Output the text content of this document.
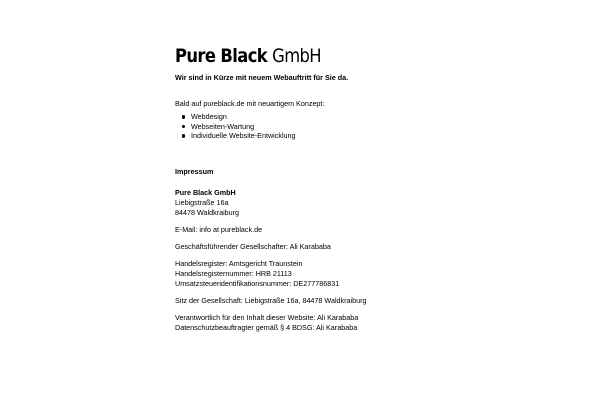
Pure Black GmbH

Wir sind in Kürze mit neuem Webauftritt für Sie da.

Bald auf pureblack.de mit neuartigem Konzept:

Webdesign
Webseiten-Wartung
Individuelle Website-Entwicklung

Impressum

Pure Black GmbH

Liebigstraße 16a

84478 Waldkraiburg

E-Mail: info at pureblack.de

Geschäftsführender Gesellschafter: Ali Karababa

Handelsregister: Amtsgericht Traunstein

Handelsregisternummer: HRB 21113

Umsatzsteueridentifikationsnummer: DE277786831

Sitz der Gesellschaft: Liebigstraße 16a, 84478 Waldkraiburg

Verantwortlich für den Inhalt dieser Website: Ali Karababa

Datenschutzbeauftragter gemäß § 4 BDSG: Ali Karababa
